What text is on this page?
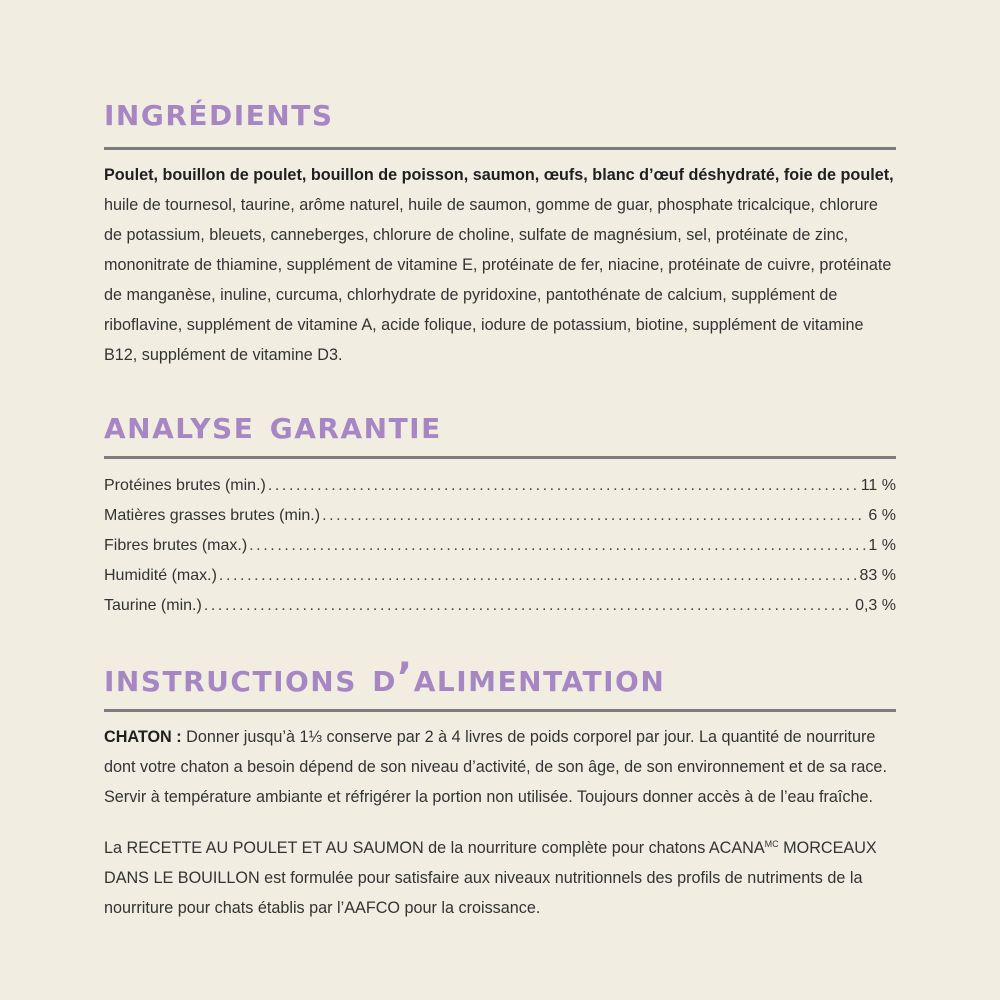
ingrédients
Poulet, bouillon de poulet, bouillon de poisson, saumon, œufs, blanc d’œuf déshydraté, foie de poulet, huile de tournesol, taurine, arôme naturel, huile de saumon, gomme de guar, phosphate tricalcique, chlorure de potassium, bleuets, canneberges, chlorure de choline, sulfate de magnésium, sel, protéinate de zinc, mononitrate de thiamine, supplément de vitamine E, protéinate de fer, niacine, protéinate de cuivre, protéinate de manganèse, inuline, curcuma, chlorhydrate de pyridoxine, pantothénate de calcium, supplément de riboflavine, supplément de vitamine A, acide folique, iodure de potassium, biotine, supplément de vitamine B12, supplément de vitamine D3.
analyse garantie
Protéines brutes (min.) .....	11 %
Matières grasses brutes (min.) .....	6 %
Fibres brutes (max.) .....	1 %
Humidité (max.) .....	83 %
Taurine (min.) .....	0,3 %
instructions d’alimentation

CHATON : Donner jusqu’à 1⅓ conserve par 2 à 4 livres de poids corporel par jour. La quantité de nourriture dont votre chaton a besoin dépend de son niveau d’activité, de son âge, de son environnement et de sa race. Servir à température ambiante et réfrigérer la portion non utilisée. Toujours donner accès à de l’eau fraîche.

La RECETTE AU POULET ET AU SAUMON de la nourriture complète pour chatons $ACANA^{MC}$ MORCEAUX DANS LE BOUILLON est formulée pour satisfaire aux niveaux nutritionnels des profils de nutriments de la nourriture pour chats établis par l’AAFCO pour la croissance.
